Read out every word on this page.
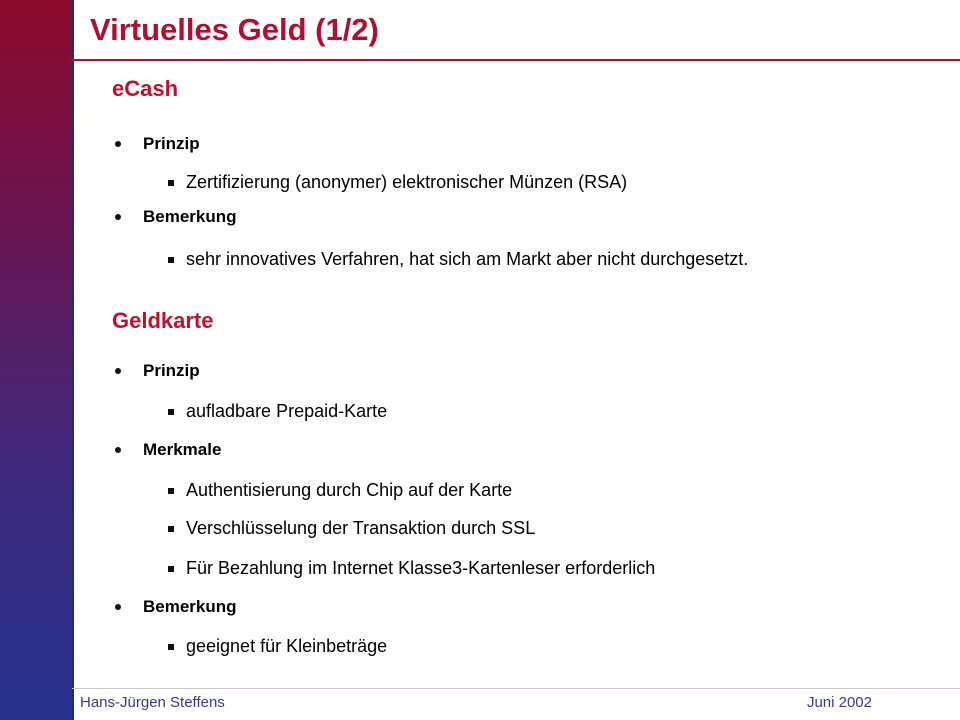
Virtuelles Geld (1/2)
eCash
Prinzip
Zertifizierung (anonymer) elektronischer Münzen (RSA)
Bemerkung
sehr innovatives Verfahren, hat sich am Markt aber nicht durchgesetzt.
Geldkarte
Prinzip
aufladbare Prepaid-Karte
Merkmale
Authentisierung durch Chip auf der Karte
Verschlüsselung der Transaktion durch SSL
Für Bezahlung im Internet Klasse3-Kartenleser erforderlich
Bemerkung
geeignet für Kleinbeträge
Hans-Jürgen Steffens	Juni 2002
